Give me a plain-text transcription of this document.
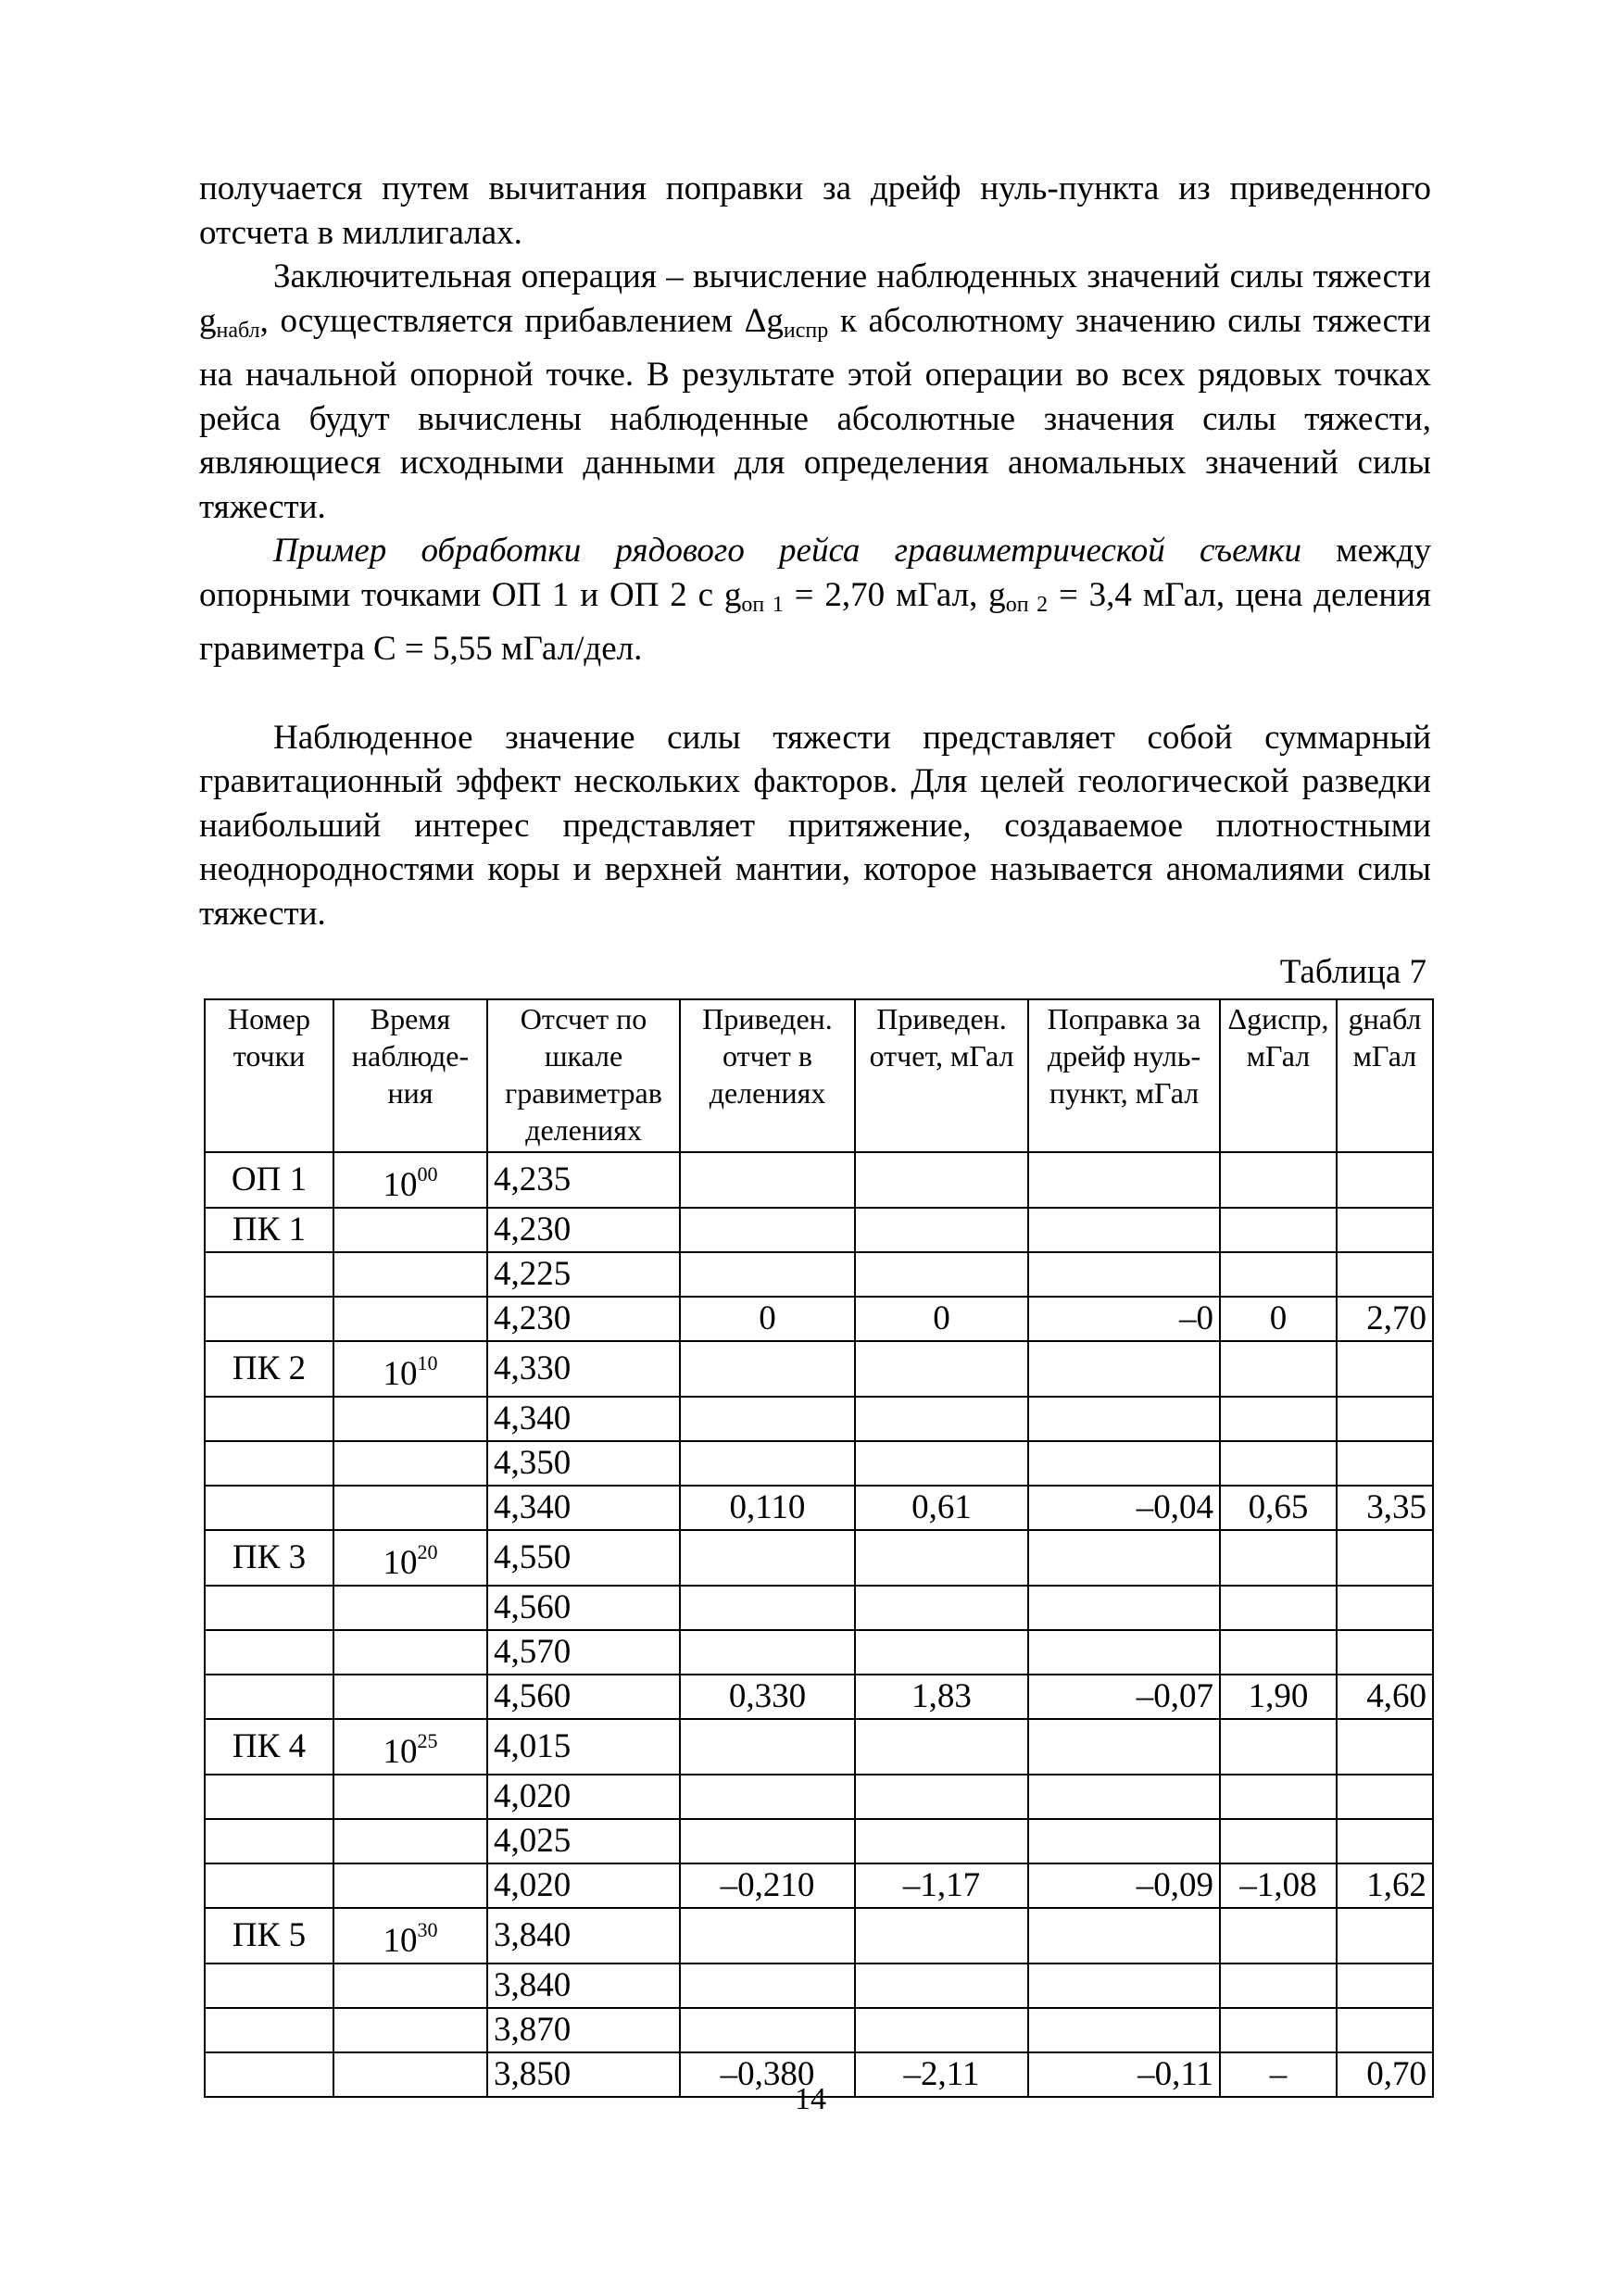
получается путем вычитания поправки за дрейф нуль-пункта из приведенного отсчета в миллигалах.

Заключительная операция – вычисление наблюденных значений силы тяжести $g_{набл}$, осуществляется прибавлением $\Delta g_{испр}$ к абсолютному значению силы тяжести на начальной опорной точке. В результате этой операции во всех рядовых точках рейса будут вычислены наблюденные абсолютные значения силы тяжести, являющиеся исходными данными для определения аномальных значений силы тяжести.

Пример обработки рядового рейса гравиметрической съемки между опорными точками ОП 1 и ОП 2 с $g_{оп 1} = 2,70$ мГал, $g_{оп 2} = 3,4$ мГал, цена деления гравиметра С = 5,55 мГал/дел.

Наблюденное значение силы тяжести представляет собой суммарный гравитационный эффект нескольких факторов. Для целей геологической разведки наибольший интерес представляет притяжение, создаваемое плотностными неоднородностями коры и верхней мантии, которое называется аномалиями силы тяжести.

Таблица 7
Номер точки	Время наблюде-ния	Отсчет по шкале гравиметрав делениях	Приведен. отчет в делениях	Приведен. отчет, мГал	Поправка за дрейф нуль-пункт, мГал	Δgиспр, мГал	gнабл мГал
ОП 1	$10^{00}$	4,235					
ПК 1		4,230					
		4,225					
		4,230	0	0	–0	0	2,70
ПК 2	$10^{10}$	4,330					
		4,340					
		4,350					
		4,340	0,110	0,61	–0,04	0,65	3,35
ПК 3	$10^{20}$	4,550					
		4,560					
		4,570					
		4,560	0,330	1,83	–0,07	1,90	4,60
ПК 4	$10^{25}$	4,015					
		4,020					
		4,025					
		4,020	–0,210	–1,17	–0,09	–1,08	1,62
ПК 5	$10^{30}$	3,840					
		3,840					
		3,870					
		3,850	–0,380	–2,11	–0,11	–	0,70
14
